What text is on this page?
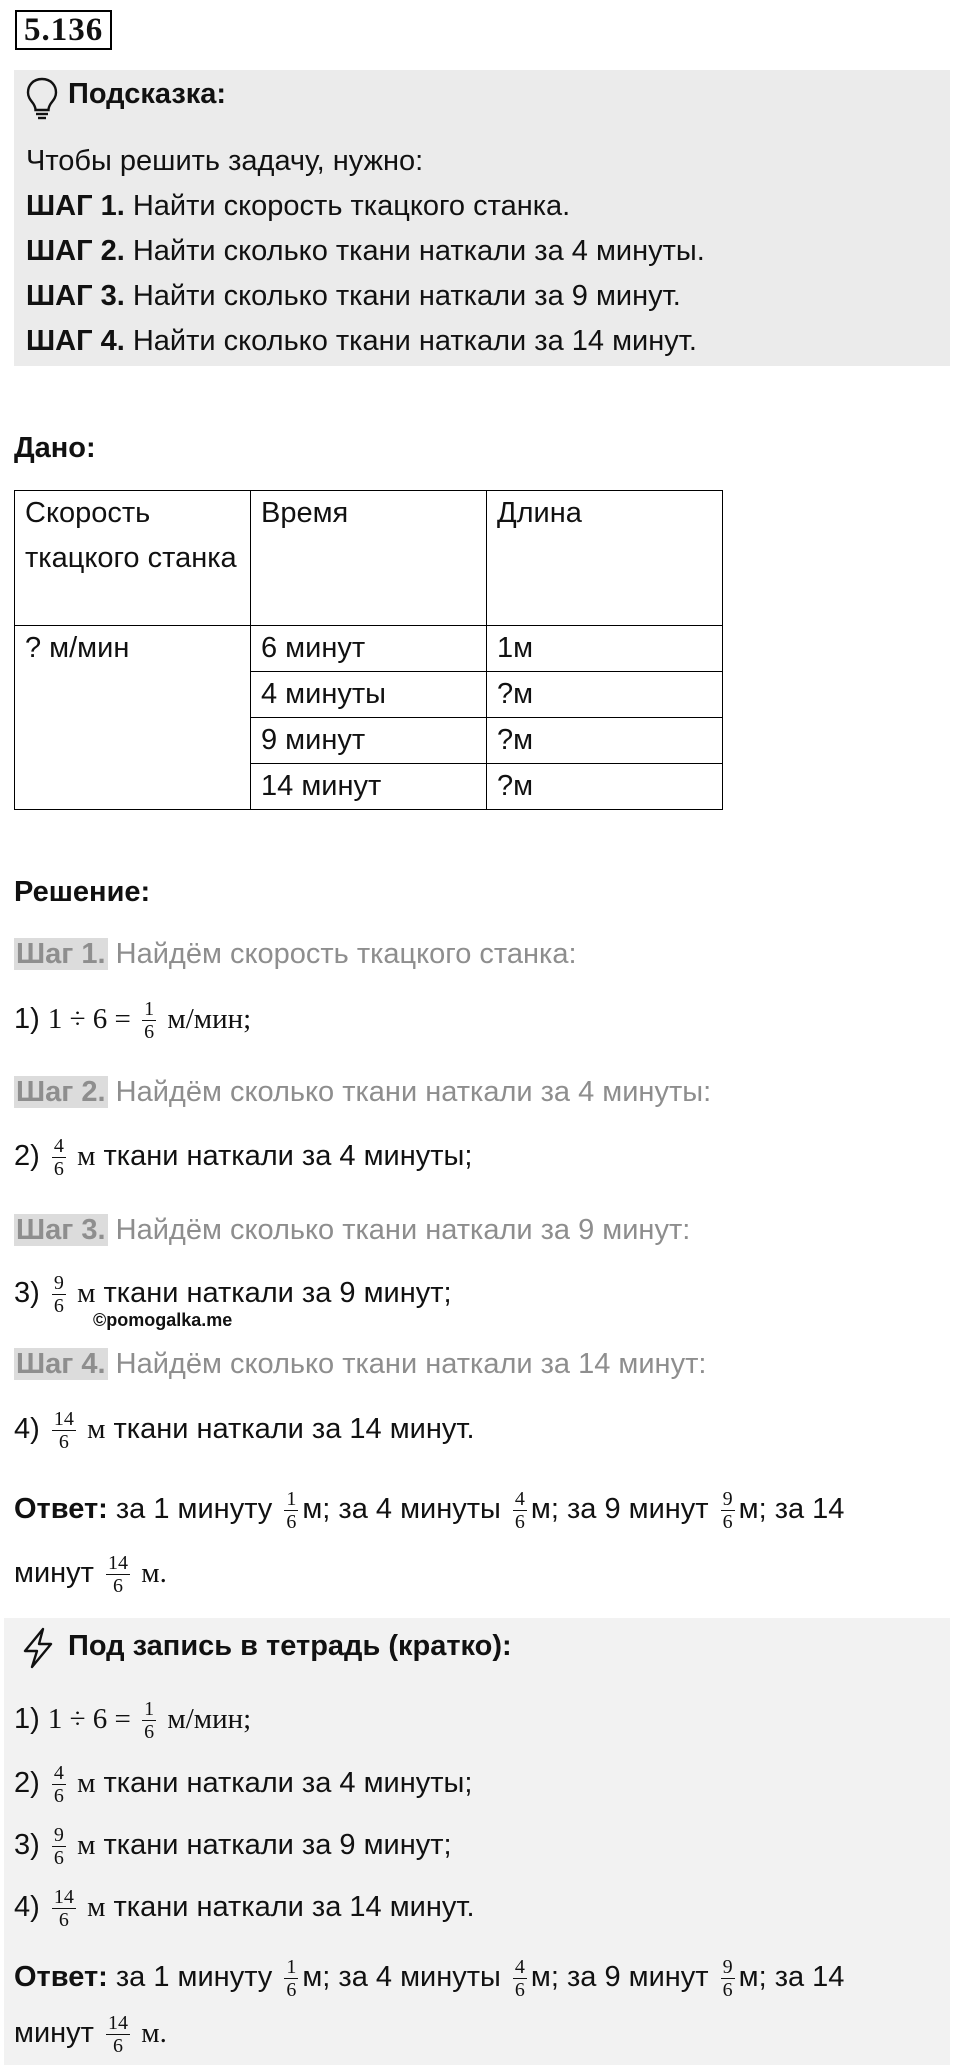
5.136
Подсказка:
Чтобы решить задачу, нужно:
ШАГ 1. Найти скорость ткацкого станка.
ШАГ 2. Найти сколько ткани наткали за 4 минуты.
ШАГ 3. Найти сколько ткани наткали за 9 минут.
ШАГ 4. Найти сколько ткани наткали за 14 минут.
Дано:
Скорость ткацкого станка	Время	Длина
? м/мин	6 минут	1м
	4 минуты	?м
	9 минут	?м
	14 минут	?м
Решение:
Шаг 1. Найдём скорость ткацкого станка:
1) $1 \div 6 = \frac{1}{6} м/мин$;
Шаг 2. Найдём сколько ткани наткали за 4 минуты:
$2) \frac{4}{6}$ м ткани наткали за 4 минуты;
Шаг 3. Найдём сколько ткани наткали за 9 минут:
$3) \frac{9}{6}$ м ткани наткали за 9 минут;
©pomogalka.me
Шаг 4. Найдём сколько ткани наткали за 14 минут:
$4) \frac{14}{6}$ м ткани наткали за 14 минут.
Ответ: за 1 минуту $\frac{1}{6} м$; за 4 минуты $\frac{4}{6} м$; за 9 минут $\frac{9}{6} м$; за 14
минут $\frac{14}{6} м$.
Под запись в тетрадь (кратко):
1) $1 \div 6 = \frac{1}{6} м/мин$;
$2) \frac{4}{6}$ м ткани наткали за 4 минуты;
$3) \frac{9}{6}$ м ткани наткали за 9 минут;
$4) \frac{14}{6}$ м ткани наткали за 14 минут.
Ответ: за 1 минуту $\frac{1}{6} м$; за 4 минуты $\frac{4}{6} м$; за 9 минут $\frac{9}{6} м$; за 14
минут $\frac{14}{6} м$.
